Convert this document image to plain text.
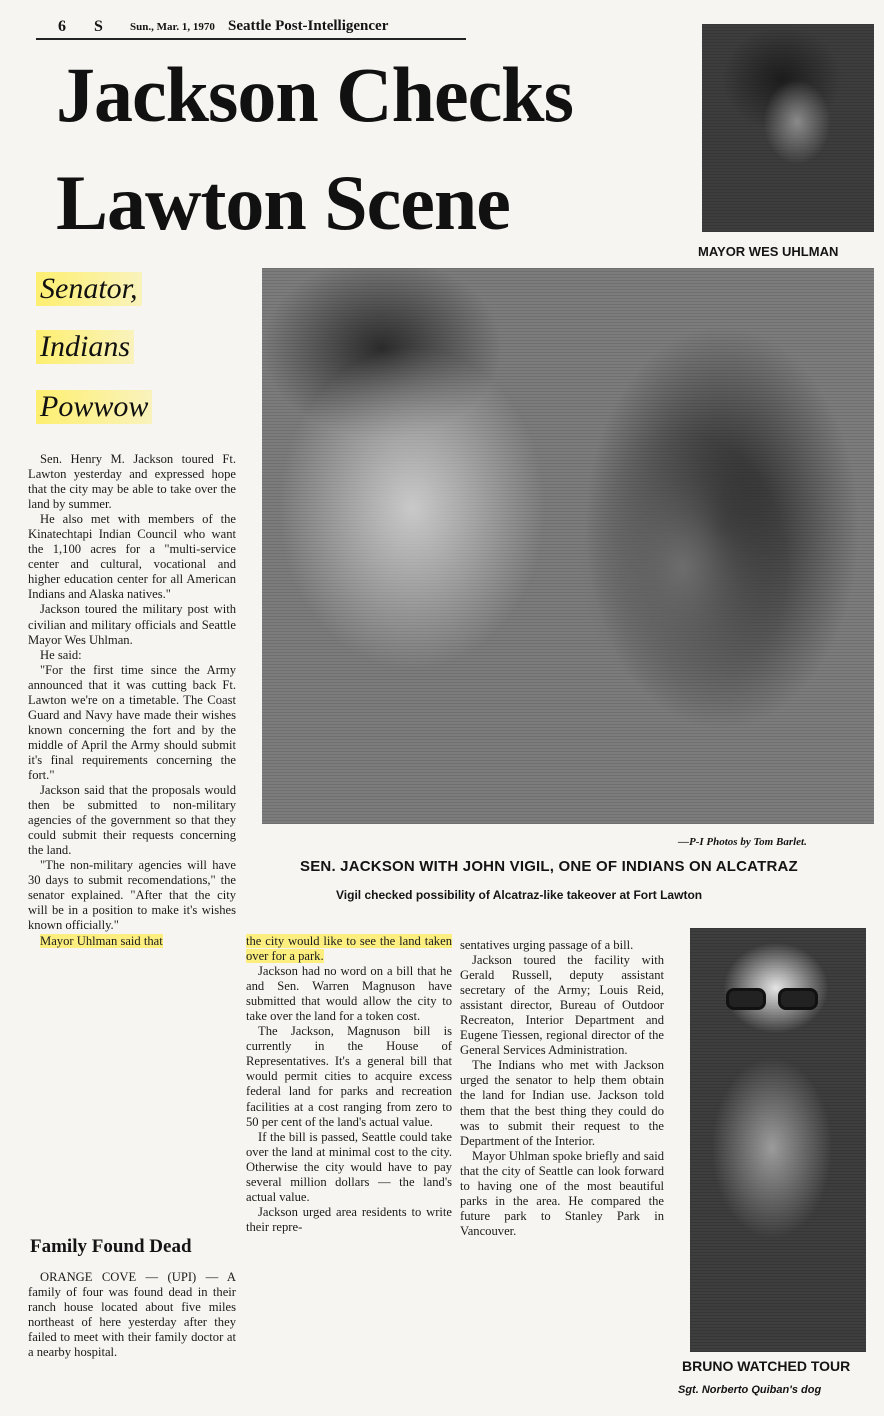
6 S Sun., Mar. 1, 1970 Seattle Post-Intelligencer
Jackson Checks
Lawton Scene
MAYOR WES UHLMAN
—P-I Photos by Tom Barlet.
SEN. JACKSON WITH JOHN VIGIL, ONE OF INDIANS ON ALCATRAZ
Vigil checked possibility of Alcatraz-like takeover at Fort Lawton
Senator,
Indians
Powwow

Sen. Henry M. Jackson toured Ft. Lawton yesterday and expressed hope that the city may be able to take over the land by summer.

He also met with members of the Kinatechtapi Indian Council who want the 1,100 acres for a "multi-service center and cultural, vocational and higher education center for all American Indians and Alaska natives."

Jackson toured the military post with civilian and military officials and Seattle Mayor Wes Uhlman.

He said:

"For the first time since the Army announced that it was cutting back Ft. Lawton we're on a timetable. The Coast Guard and Navy have made their wishes known concerning the fort and by the middle of April the Army should submit it's final requirements concerning the fort."

Jackson said that the proposals would then be submitted to non-military agencies of the government so that they could submit their requests concerning the land.

"The non-military agencies will have 30 days to submit recomendations," the senator explained. "After that the city will be in a position to make it's wishes known officially."

Mayor Uhlman said that

Family Found Dead

ORANGE COVE — (UPI) — A family of four was found dead in their ranch house located about five miles northeast of here yesterday after they failed to meet with their family doctor at a nearby hospital.

the city would like to see the land taken over for a park.

Jackson had no word on a bill that he and Sen. Warren Magnuson have submitted that would allow the city to take over the land for a token cost.

The Jackson, Magnuson bill is currently in the House of Representatives. It's a general bill that would permit cities to acquire excess federal land for parks and recreation facilities at a cost ranging from zero to 50 per cent of the land's actual value.

If the bill is passed, Seattle could take over the land at minimal cost to the city. Otherwise the city would have to pay several million dollars — the land's actual value.

Jackson urged area residents to write their repre-

sentatives urging passage of a bill.

Jackson toured the facility with Gerald Russell, deputy assistant secretary of the Army; Louis Reid, assistant director, Bureau of Outdoor Recreaton, Interior Department and Eugene Tiessen, regional director of the General Services Administration.

The Indians who met with Jackson urged the senator to help them obtain the land for Indian use. Jackson told them that the best thing they could do was to submit their request to the Department of the Interior.

Mayor Uhlman spoke briefly and said that the city of Seattle can look forward to having one of the most beautiful parks in the area. He compared the future park to Stanley Park in Vancouver.

BRUNO WATCHED TOUR
Sgt. Norberto Quiban's dog
